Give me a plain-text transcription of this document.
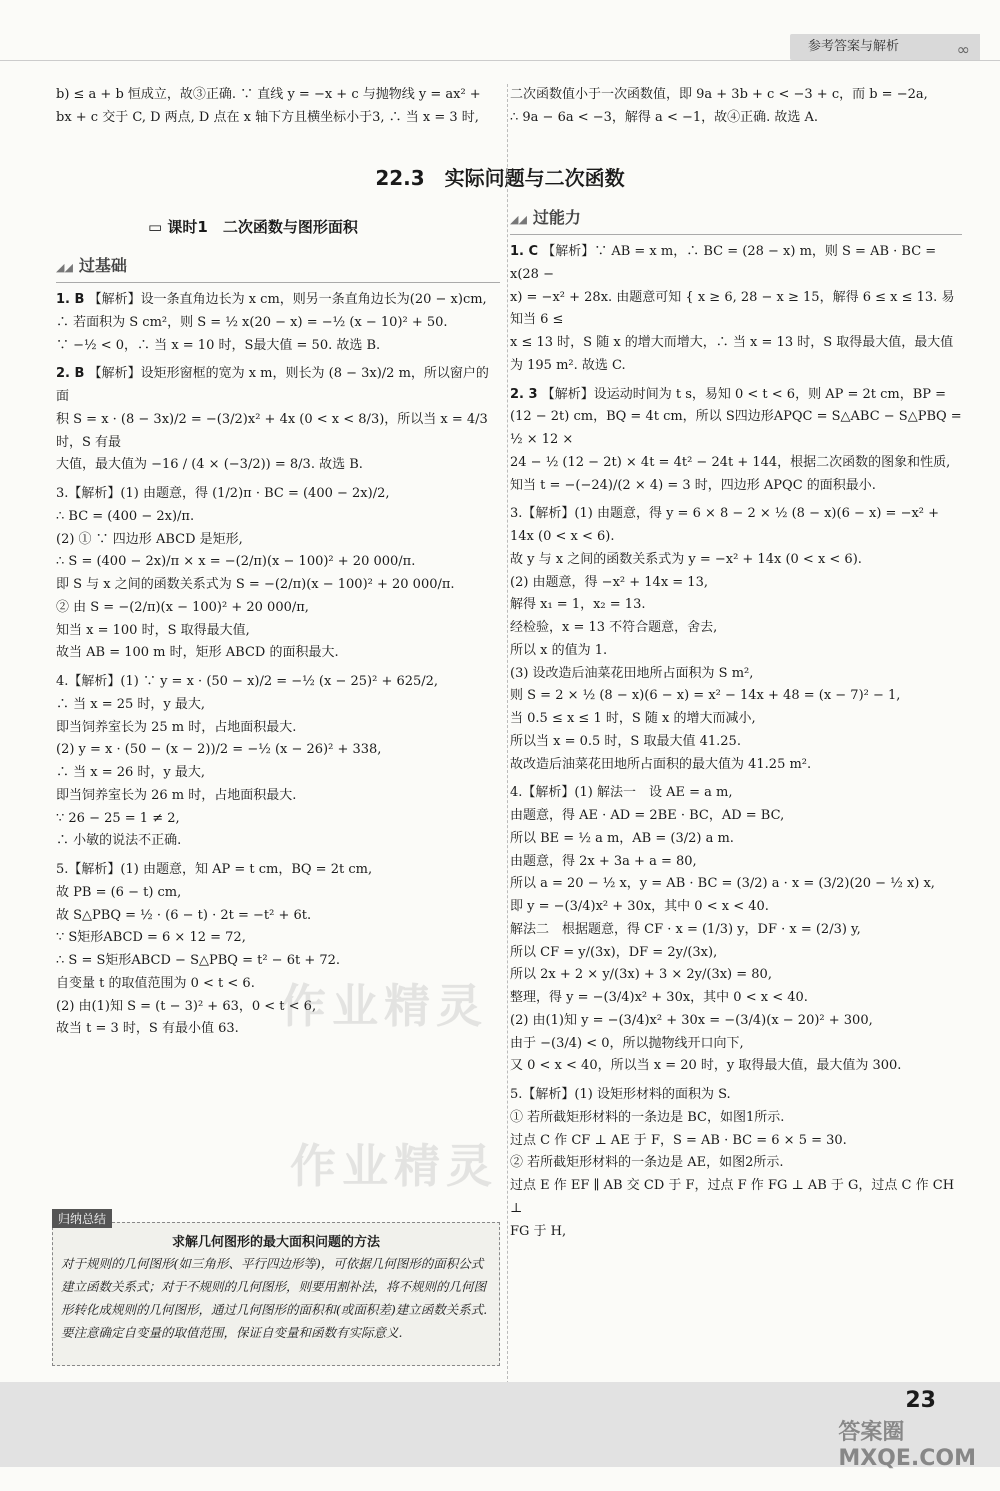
参考答案与解析	∞

b) ≤ a + b 恒成立，故③正确. ∵ 直线 y = −x + c 与抛物线 y = ax² +

bx + c 交于 C, D 两点, D 点在 x 轴下方且横坐标小于3, ∴ 当 x = 3 时,

二次函数值小于一次函数值，即 9a + 3b + c < −3 + c，而 b = −2a,

∴ 9a − 6a < −3，解得 a < −1，故④正确. 故选 A.

22.3　实际问题与二次函数
▭ 课时1　二次函数与图形面积
◢◢ 过基础

1. B 【解析】设一条直角边长为 x cm，则另一条直角边长为(20 − x)cm,

∴ 若面积为 S cm²，则 S = ½ x(20 − x) = −½ (x − 10)² + 50.

∵ −½ < 0，∴ 当 x = 10 时，S最大值 = 50. 故选 B.

2. B 【解析】设矩形窗框的宽为 x m，则长为 (8 − 3x)/2 m，所以窗户的面

积 S = x · (8 − 3x)/2 = −(3/2)x² + 4x (0 < x < 8/3)，所以当 x = 4/3 时，S 有最

大值，最大值为 −16 / (4 × (−3/2)) = 8/3. 故选 B.

3.【解析】(1) 由题意，得 (1/2)π · BC = (400 − 2x)/2,

∴ BC = (400 − 2x)/π.

(2) ① ∵ 四边形 ABCD 是矩形,

∴ S = (400 − 2x)/π × x = −(2/π)(x − 100)² + 20 000/π.

即 S 与 x 之间的函数关系式为 S = −(2/π)(x − 100)² + 20 000/π.

② 由 S = −(2/π)(x − 100)² + 20 000/π,

知当 x = 100 时，S 取得最大值,

故当 AB = 100 m 时，矩形 ABCD 的面积最大.

4.【解析】(1) ∵ y = x · (50 − x)/2 = −½ (x − 25)² + 625/2,

∴ 当 x = 25 时，y 最大,

即当饲养室长为 25 m 时，占地面积最大.

(2) y = x · (50 − (x − 2))/2 = −½ (x − 26)² + 338,

∴ 当 x = 26 时，y 最大,

即当饲养室长为 26 m 时，占地面积最大.

∵ 26 − 25 = 1 ≠ 2,

∴ 小敏的说法不正确.

5.【解析】(1) 由题意，知 AP = t cm，BQ = 2t cm,

故 PB = (6 − t) cm,

故 S△PBQ = ½ · (6 − t) · 2t = −t² + 6t.

∵ S矩形ABCD = 6 × 12 = 72,

∴ S = S矩形ABCD − S△PBQ = t² − 6t + 72.

自变量 t 的取值范围为 0 < t < 6.

(2) 由(1)知 S = (t − 3)² + 63，0 < t < 6,

故当 t = 3 时，S 有最小值 63.

归纳总结
求解几何图形的最大面积问题的方法
对于规则的几何图形(如三角形、平行四边形等)，可依据几何图形的面积公式建立函数关系式；对于不规则的几何图形，则要用割补法，将不规则的几何图形转化成规则的几何图形，通过几何图形的面积和(或面积差)建立函数关系式. 要注意确定自变量的取值范围，保证自变量和函数有实际意义.
◢◢ 过能力

1. C 【解析】∵ AB = x m，∴ BC = (28 − x) m，则 S = AB · BC = x(28 −

x) = −x² + 28x. 由题意可知 { x ≥ 6, 28 − x ≥ 15，解得 6 ≤ x ≤ 13. 易知当 6 ≤

x ≤ 13 时，S 随 x 的增大而增大，∴ 当 x = 13 时，S 取得最大值，最大值

为 195 m². 故选 C.

2. 3 【解析】设运动时间为 t s，易知 0 < t < 6，则 AP = 2t cm，BP =

(12 − 2t) cm，BQ = 4t cm，所以 S四边形APQC = S△ABC − S△PBQ = ½ × 12 ×

24 − ½ (12 − 2t) × 4t = 4t² − 24t + 144，根据二次函数的图象和性质,

知当 t = −(−24)/(2 × 4) = 3 时，四边形 APQC 的面积最小.

3.【解析】(1) 由题意，得 y = 6 × 8 − 2 × ½ (8 − x)(6 − x) = −x² +

14x (0 < x < 6).

故 y 与 x 之间的函数关系式为 y = −x² + 14x (0 < x < 6).

(2) 由题意，得 −x² + 14x = 13,

解得 x₁ = 1，x₂ = 13.

经检验，x = 13 不符合题意，舍去,

所以 x 的值为 1.

(3) 设改造后油菜花田地所占面积为 S m²,

则 S = 2 × ½ (8 − x)(6 − x) = x² − 14x + 48 = (x − 7)² − 1,

当 0.5 ≤ x ≤ 1 时，S 随 x 的增大而减小,

所以当 x = 0.5 时，S 取最大值 41.25.

故改造后油菜花田地所占面积的最大值为 41.25 m².

4.【解析】(1) 解法一　设 AE = a m,

由题意，得 AE · AD = 2BE · BC，AD = BC,

所以 BE = ½ a m，AB = (3/2) a m.

由题意，得 2x + 3a + a = 80,

所以 a = 20 − ½ x，y = AB · BC = (3/2) a · x = (3/2)(20 − ½ x) x,

即 y = −(3/4)x² + 30x，其中 0 < x < 40.

解法二　根据题意，得 CF · x = (1/3) y，DF · x = (2/3) y,

所以 CF = y/(3x)，DF = 2y/(3x),

所以 2x + 2 × y/(3x) + 3 × 2y/(3x) = 80,

整理，得 y = −(3/4)x² + 30x，其中 0 < x < 40.

(2) 由(1)知 y = −(3/4)x² + 30x = −(3/4)(x − 20)² + 300,

由于 −(3/4) < 0，所以抛物线开口向下,

又 0 < x < 40，所以当 x = 20 时，y 取得最大值，最大值为 300.

5.【解析】(1) 设矩形材料的面积为 S.

① 若所截矩形材料的一条边是 BC，如图1所示.

过点 C 作 CF ⊥ AE 于 F，S = AB · BC = 6 × 5 = 30.

② 若所截矩形材料的一条边是 AE，如图2所示.

过点 E 作 EF ∥ AB 交 CD 于 F，过点 F 作 FG ⊥ AB 于 G，过点 C 作 CH ⊥

FG 于 H,

作业精灵
作业精灵
23
答案圈
MXQE.COM
